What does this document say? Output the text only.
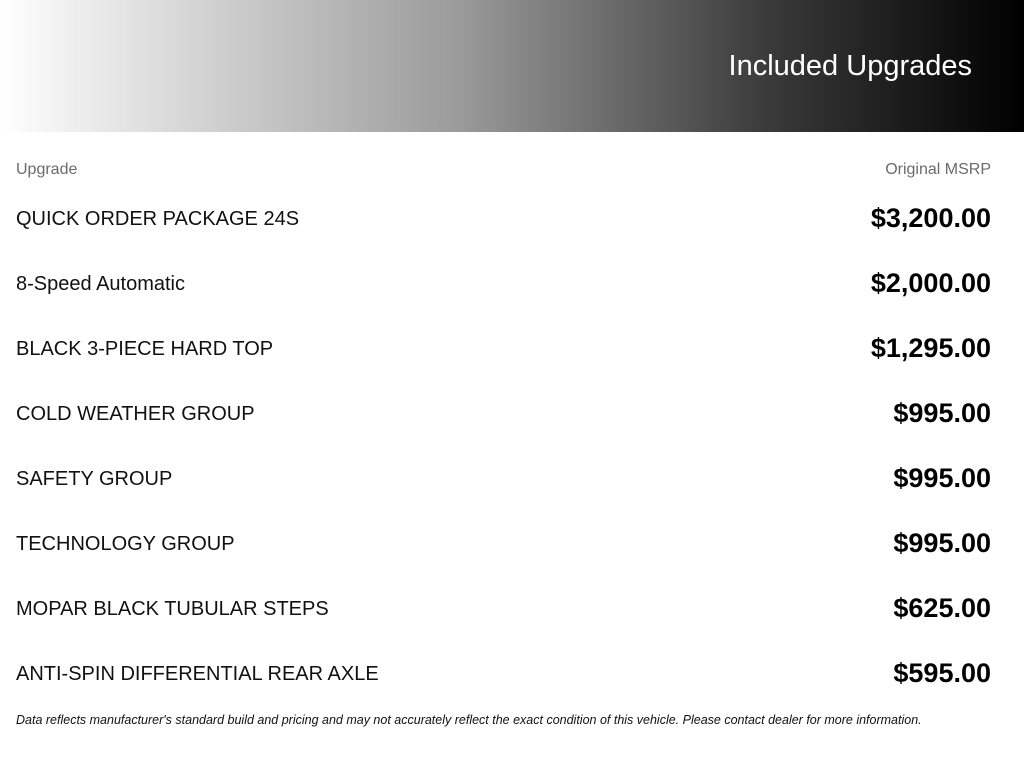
Included Upgrades
Upgrade	Original MSRP
QUICK ORDER PACKAGE 24S	$3,200.00
8-Speed Automatic	$2,000.00
BLACK 3-PIECE HARD TOP	$1,295.00
COLD WEATHER GROUP	$995.00
SAFETY GROUP	$995.00
TECHNOLOGY GROUP	$995.00
MOPAR BLACK TUBULAR STEPS	$625.00
ANTI-SPIN DIFFERENTIAL REAR AXLE	$595.00
Data reflects manufacturer's standard build and pricing and may not accurately reflect the exact condition of this vehicle. Please contact dealer for more information.
